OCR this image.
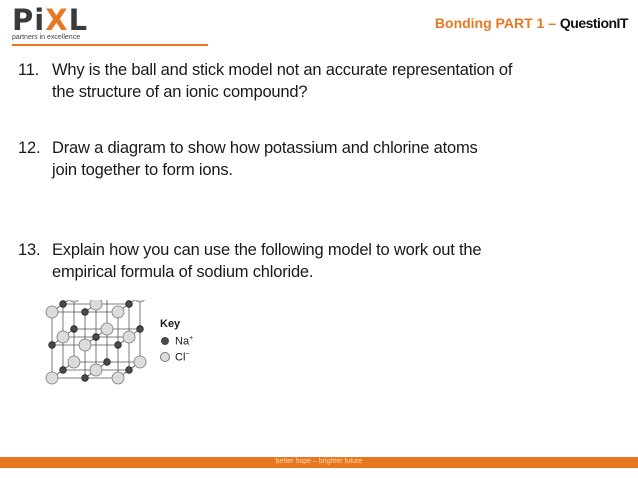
PiXL
partners in excellence
Bonding PART 1 – QuestionIT
11. Why is the ball and stick model not an accurate representation of
the structure of an ionic compound?
12. Draw a diagram to show how potassium and chlorine atoms
join together to form ions.
13. Explain how you can use the following model to work out the
empirical formula of sodium chloride.
Key
Na+
Cl−
better hope – brighter future
